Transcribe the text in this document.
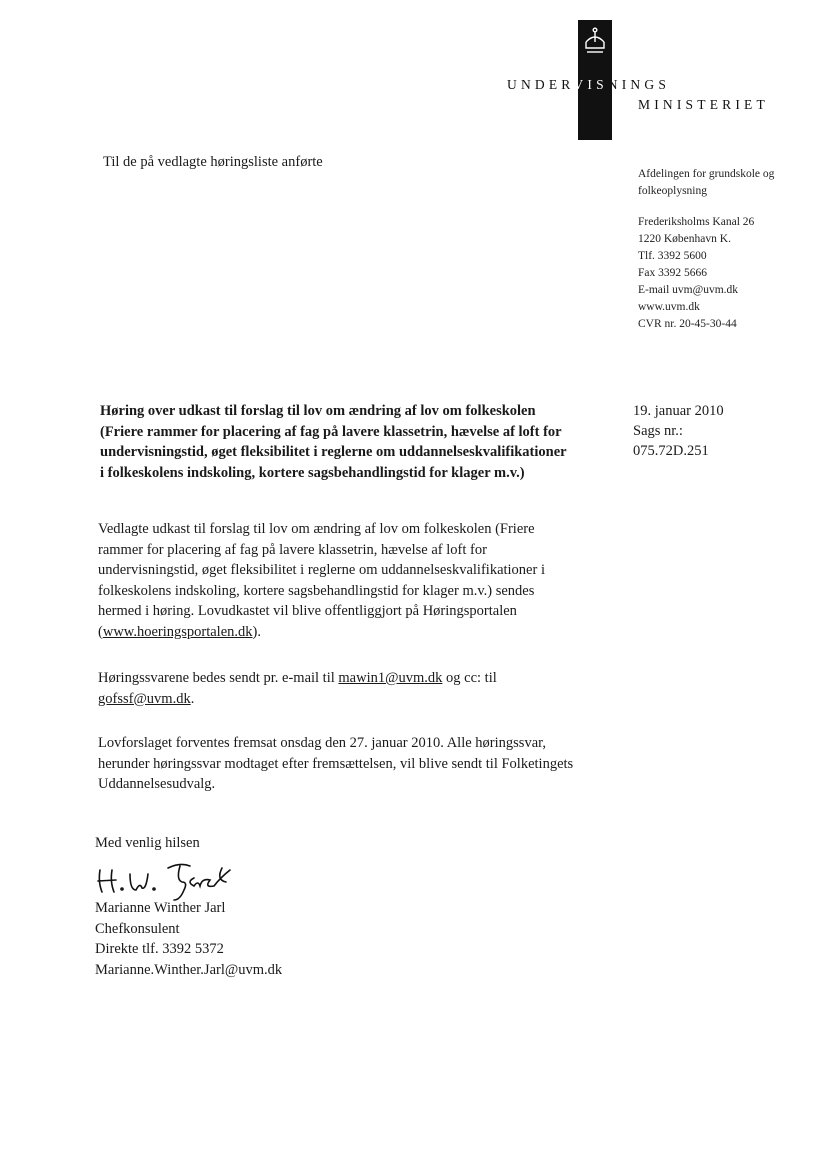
UNDERVISNINGS
MINISTERIET
Til de på vedlagte høringsliste anførte
Afdelingen for grundskole og
folkeoplysning
Frederiksholms Kanal 26
1220 København K.
Tlf. 3392 5600
Fax 3392 5666
E-mail uvm@uvm.dk
www.uvm.dk
CVR nr. 20-45-30-44
19. januar 2010
Sags nr.:
075.72D.251
Høring over udkast til forslag til lov om ændring af lov om folkeskolen (Friere rammer for placering af fag på lavere klassetrin, hævelse af loft for undervisningstid, øget fleksibilitet i reglerne om uddannelseskvalifikationer i folkeskolens indskoling, kortere sagsbehandlingstid for klager m.v.)
Vedlagte udkast til forslag til lov om ændring af lov om folkeskolen (Friere rammer for placering af fag på lavere klassetrin, hævelse af loft for undervisningstid, øget fleksibilitet i reglerne om uddannelseskvalifikationer i folkeskolens indskoling, kortere sagsbehandlingstid for klager m.v.) sendes hermed i høring. Lovudkastet vil blive offentliggjort på Høringsportalen (www.hoeringsportalen.dk).
Høringssvarene bedes sendt pr. e-mail til mawin1@uvm.dk og cc: til gofssf@uvm.dk.
Lovforslaget forventes fremsat onsdag den 27. januar 2010. Alle høringssvar, herunder høringssvar modtaget efter fremsættelsen, vil blive sendt til Folketingets Uddannelsesudvalg.
Med venlig hilsen
Marianne Winther Jarl
Chefkonsulent
Direkte tlf. 3392 5372
Marianne.Winther.Jarl@uvm.dk
